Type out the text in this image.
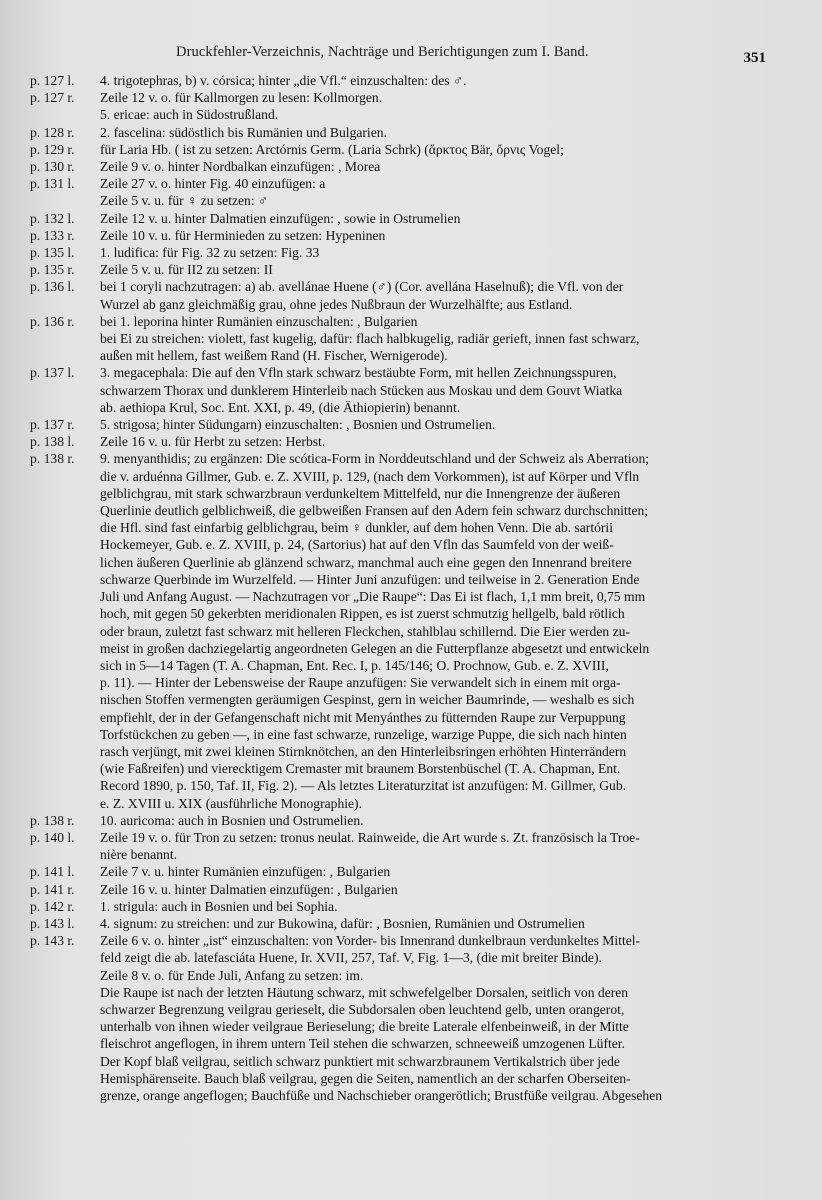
Druckfehler-Verzeichnis, Nachträge und Berichtigungen zum I. Band.	351
p. 127 l.	4. trigotephras, b) v. córsica; hinter „die Vfl.“ einzuschalten: des ♂.
p. 127 r.	Zeile 12 v. o. für Kallmorgen zu lesen: Kollmorgen.
5. ericae: auch in Südostrußland.
p. 128 r.	2. fascelina: südöstlich bis Rumänien und Bulgarien.
p. 129 r.	für Laria Hb. ( ist zu setzen: Arctórnis Germ. (Laria Schrk) (ἄρκτος Bär, ὄρνις Vogel;
p. 130 r.	Zeile 9 v. o. hinter Nordbalkan einzufügen: , Morea
p. 131 l.	Zeile 27 v. o. hinter Fig. 40 einzufügen: a
Zeile 5 v. u. für ♀ zu setzen: ♂
p. 132 l.	Zeile 12 v. u. hinter Dalmatien einzufügen: , sowie in Ostrumelien
p. 133 r.	Zeile 10 v. u. für Herminieden zu setzen: Hypeninen
p. 135 l.	1. ludifica: für Fig. 32 zu setzen: Fig. 33
p. 135 r.	Zeile 5 v. u. für II2 zu setzen: II
p. 136 l.	bei 1 coryli nachzutragen: a) ab. avellánae Huene (♂) (Cor. avellána Haselnuß); die Vfl. von der
Wurzel ab ganz gleichmäßig grau, ohne jedes Nußbraun der Wurzelhälfte; aus Estland.
p. 136 r.	bei 1. leporina hinter Rumänien einzuschalten: , Bulgarien
bei Ei zu streichen: violett, fast kugelig, dafür: flach halbkugelig, radiär gerieft, innen fast schwarz,
außen mit hellem, fast weißem Rand (H. Fischer, Wernigerode).
p. 137 l.	3. megacephala: Die auf den Vfln stark schwarz bestäubte Form, mit hellen Zeichnungsspuren,
schwarzem Thorax und dunklerem Hinterleib nach Stücken aus Moskau und dem Gouvt Wiatka
ab. aethiopa Krul, Soc. Ent. XXI, p. 49, (die Äthiopierin) benannt.
p. 137 r.	5. strigosa; hinter Südungarn) einzuschalten: , Bosnien und Ostrumelien.
p. 138 l.	Zeile 16 v. u. für Herbt zu setzen: Herbst.
p. 138 r.	9. menyanthidis; zu ergänzen: Die scótica-Form in Norddeutschland und der Schweiz als Aberration;
die v. arduénna Gillmer, Gub. e. Z. XVIII, p. 129, (nach dem Vorkommen), ist auf Körper und Vfln
gelblichgrau, mit stark schwarzbraun verdunkeltem Mittelfeld, nur die Innengrenze der äußeren
Querlinie deutlich gelblichweiß, die gelbweißen Fransen auf den Adern fein schwarz durchschnitten;
die Hfl. sind fast einfarbig gelblichgrau, beim ♀ dunkler, auf dem hohen Venn. Die ab. sartórii
Hockemeyer, Gub. e. Z. XVIII, p. 24, (Sartorius) hat auf den Vfln das Saumfeld von der weiß-
lichen äußeren Querlinie ab glänzend schwarz, manchmal auch eine gegen den Innenrand breitere
schwarze Querbinde im Wurzelfeld. — Hinter Juni anzufügen: und teilweise in 2. Generation Ende
Juli und Anfang August. — Nachzutragen vor „Die Raupe“: Das Ei ist flach, 1,1 mm breit, 0,75 mm
hoch, mit gegen 50 gekerbten meridionalen Rippen, es ist zuerst schmutzig hellgelb, bald rötlich
oder braun, zuletzt fast schwarz mit helleren Fleckchen, stahlblau schillernd. Die Eier werden zu-
meist in großen dachziegelartig angeordneten Gelegen an die Futterpflanze abgesetzt und entwickeln
sich in 5—14 Tagen (T. A. Chapman, Ent. Rec. I, p. 145/146; O. Prochnow, Gub. e. Z. XVIII,
p. 11). — Hinter der Lebensweise der Raupe anzufügen: Sie verwandelt sich in einem mit orga-
nischen Stoffen vermengten geräumigen Gespinst, gern in weicher Baumrinde, — weshalb es sich
empfiehlt, der in der Gefangenschaft nicht mit Menyánthes zu fütternden Raupe zur Verpuppung
Torfstückchen zu geben —, in eine fast schwarze, runzelige, warzige Puppe, die sich nach hinten
rasch verjüngt, mit zwei kleinen Stirnknötchen, an den Hinterleibsringen erhöhten Hinterrändern
(wie Faßreifen) und vierecktigem Cremaster mit braunem Borstenbüschel (T. A. Chapman, Ent.
Record 1890, p. 150, Taf. II, Fig. 2). — Als letztes Literaturzitat ist anzufügen: M. Gillmer, Gub.
e. Z. XVIII u. XIX (ausführliche Monographie).
p. 138 r.	10. auricoma: auch in Bosnien und Ostrumelien.
p. 140 l.	Zeile 19 v. o. für Tron zu setzen: tronus neulat. Rainweide, die Art wurde s. Zt. französisch la Troe-
nière benannt.
p. 141 l.	Zeile 7 v. u. hinter Rumänien einzufügen: , Bulgarien
p. 141 r.	Zeile 16 v. u. hinter Dalmatien einzufügen: , Bulgarien
p. 142 r.	1. strigula: auch in Bosnien und bei Sophia.
p. 143 l.	4. signum: zu streichen: und zur Bukowina, dafür: , Bosnien, Rumänien und Ostrumelien
p. 143 r.	Zeile 6 v. o. hinter „ist“ einzuschalten: von Vorder- bis Innenrand dunkelbraun verdunkeltes Mittel-
feld zeigt die ab. latefasciáta Huene, Ir. XVII, 257, Taf. V, Fig. 1—3, (die mit breiter Binde).
Zeile 8 v. o. für Ende Juli, Anfang zu setzen: im.
Die Raupe ist nach der letzten Häutung schwarz, mit schwefelgelber Dorsalen, seitlich von deren
schwarzer Begrenzung veilgrau gerieselt, die Subdorsalen oben leuchtend gelb, unten orangerot,
unterhalb von ihnen wieder veilgraue Berieselung; die breite Laterale elfenbeinweiß, in der Mitte
fleischrot angeflogen, in ihrem untern Teil stehen die schwarzen, schneeweiß umzogenen Lüfter.
Der Kopf blaß veilgrau, seitlich schwarz punktiert mit schwarzbraunem Vertikalstrich über jede
Hemisphärenseite. Bauch blaß veilgrau, gegen die Seiten, namentlich an der scharfen Oberseiten-
grenze, orange angeflogen; Bauchfüße und Nachschieber orangerötlich; Brustfüße veilgrau. Abgesehen
